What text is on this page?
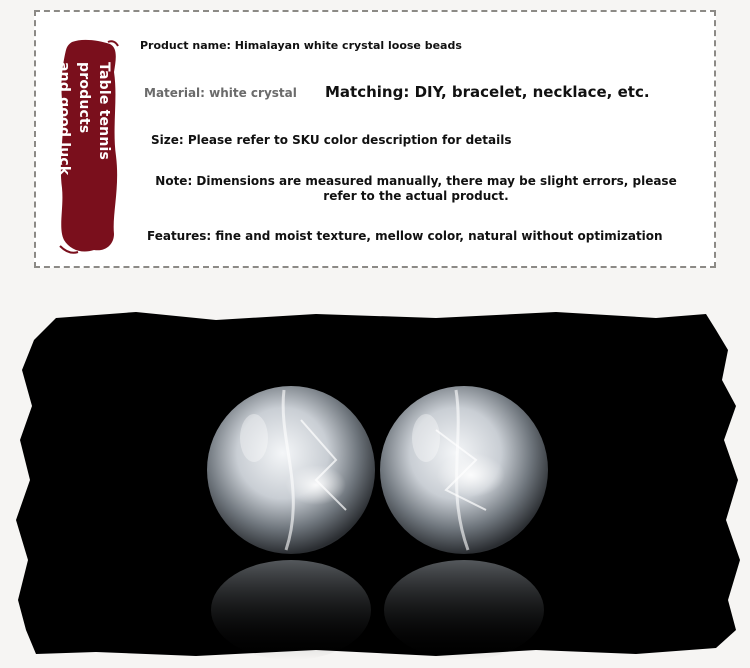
Table tennis products
and good luck
Product name: Himalayan white crystal loose beads
Material: white crystal Matching: DIY, bracelet, necklace, etc.
Size: Please refer to SKU color description for details
Note: Dimensions are measured manually, there may be slight errors, please refer to the actual product.
Features: fine and moist texture, mellow color, natural without optimization
